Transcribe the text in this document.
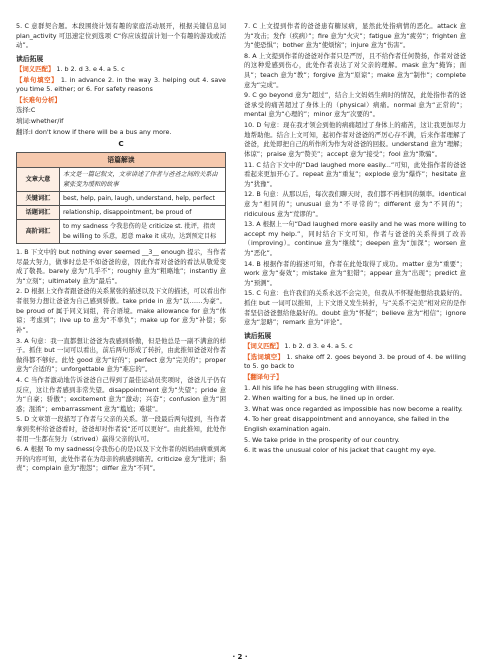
5. C 意群契合题。本段围绕计划有趣的家庭活动展开，根据关键信息词 plan_activity 可迅速定位到选项 C“你应该提前计划一个有趣的游戏或活动”。

读后拓展
【词义匹配】 1. b 2. d 3. e 4. a 5. c
【单句填空】 1. in advance 2. in the way 3. helping out 4. save you time 5. either; or 6. For safety reasons
【长难句分析】
选择:C
填词:whether/if
翻译:I don't know if there will be a bus any more.
C
语篇解读	
文章大意	本文是一篇记叙文，文章讲述了作者与爸爸之间的关系由紧张变为缓和的故事
关键词汇	best, help, pain, laugh, understand, help, perfect
话题词汇	relationship, disappointment, be proud of
高阶词汇	to my sadness 令我悲伤的是 criticize st. 批评，指责 be willing to 乐意，愿意 make it 成功，达到预定目标

1. B 下文中的 but nothing ever seemed __3__ enough 提示，当作者尽最大努力，做事时总是不如爸爸的意，因此作者对爸爸的看法从敬爱变成了敬畏。barely 意为“几乎不”；roughly 意为“粗略地”；instantly 意为“立刻”；ultimately 意为“最后”。

2. D 根据上文作者跟爸爸的关系紧张的描述以及下文的描述，可以看出作者很努力想让爸爸为自己感到骄傲。take pride in 意为“以……为豪”。be proud of 属于同义词组，符合语境。make allowance for 意为“体谅；考虑到”；live up to 意为“不辜负”；make up for 意为“补偿；弥补”。

3. A 句意：我一直都想让爸爸为我感到骄傲，但是他总是一副不满意的样子。抓住 but 一词可以看出，前后两句形成了转折，由此推知爸爸对作者做得都不够好。此处 good 意为“好的”；perfect 意为“完美的”；proper 意为“合适的”；unforgettable 意为“难忘的”。

4. C 当作者激动地告诉爸爸自己得到了最佳运动员奖项时，爸爸儿子仍有反应，这让作者感到非常失望。disappointment 意为“失望”；pride 意为“自豪；骄傲”；excitement 意为“激动；兴奋”；confusion 意为“困惑；混淆”；embarrassment 意为“尴尬；难堪”。

5. D 文章第一段描写了作者与父亲的关系。第一段最后两句提到，当作者拿到奖杯给爸爸看时，爸爸却对作者说“还可以更好”。由此推知，此处作者用一生都在努力（strived）赢得父亲的认可。

6. A 根据 To my sadness(令我伤心的是)以及下文作者的妈妈由病重到离开的内容可知，此处作者在为母亲的病感到痛苦。criticize 意为“批评；指责”；complain 意为“抱怨”；differ 意为“不同”。

7. C 上文提到作者的爸爸患有糖尿病，显然此处指病情的恶化。attack 意为“攻击；发作（疾病）”；fire 意为“火灾”；fatigue 意为“疲劳”；frighten 意为“使恐惧”；bother 意为“使烦恼”；injure 意为“伤害”。

8. A 上文提到作者的爸爸对作者只是严厉，且不给作者任何赞扬，作者对爸爸的这种爱感到伤心，此处作者表达了对父亲的理解。mask 意为“掩饰；面具”；teach 意为“教”；forgive 意为“原谅”；make 意为“制作”；complete 意为“完成”。

9. C go beyond 意为“超过”，结合上文妈妈生病时的情况，此处指作者的爸爸承受的痛苦超过了身体上的（physical）病痛。normal 意为“正常的”；mental 意为“心理的”；minor 意为“次要的”。

10. D 句意：现在我才领会到他的病痛超过了身体上的痛苦，这让我更加尽力地帮助他。结合上文可知，起初作者对爸爸的严厉心存不满，后来作者理解了爸爸，此处即把自己的所作所为作为对爸爸的回报。understand 意为“理解；体谅”；praise 意为“赞美”；accept 意为“接受”；fool 意为“欺骗”。

11. C 结合下文中的“Dad laughed more easily...”可知，此处指作者的爸爸看起来更加开心了。repeat 意为“重复”；explode 意为“爆炸”；hesitate 意为“犹豫”。

12. B 句意：从那以后，每次我们聊天时，我们都不再相同的频率。identical 意为“相同的”；unusual 意为“不寻常的”；different 意为“不同的”；ridiculous 意为“荒谬的”。

13. A 根据上一句“Dad laughed more easily and he was more willing to accept my help.”，同时结合下文可知，作者与爸爸的关系得到了改善（improving）。continue 意为“继续”；deepen 意为“加深”；worsen 意为“恶化”。

14. B 根据作者的描述可知，作者在此处取得了成功。matter 意为“重要”；work 意为“奏效”；mistake 意为“犯错”；appear 意为“出现”；predict 意为“预测”。

15. C 句意：也许我们的关系永远不会完美，但我从不怀疑他想给我最好的。抓住 but 一词可以推知，上下文语义发生转折，与“关系不完美”相对应的是作者坚信爸爸想给他最好的。doubt 意为“怀疑”；believe 意为“相信”；ignore 意为“忽略”；remark 意为“评论”。

读后拓展
【词义匹配】 1. b 2. d 3. e 4. a 5. c
【选词填空】 1. shake off 2. goes beyond 3. be proud of 4. be willing to 5. go back to
【翻译句子】
1. All his life he has been struggling with illness.
2. When waiting for a bus, he lined up in order.
3. What was once regarded as impossible has now become a reality.
4. To her great disappointment and annoyance, she failed in the English examination again.
5. We take pride in the prosperity of our country.
6. It was the unusual color of his jacket that caught my eye.
· 2 ·
